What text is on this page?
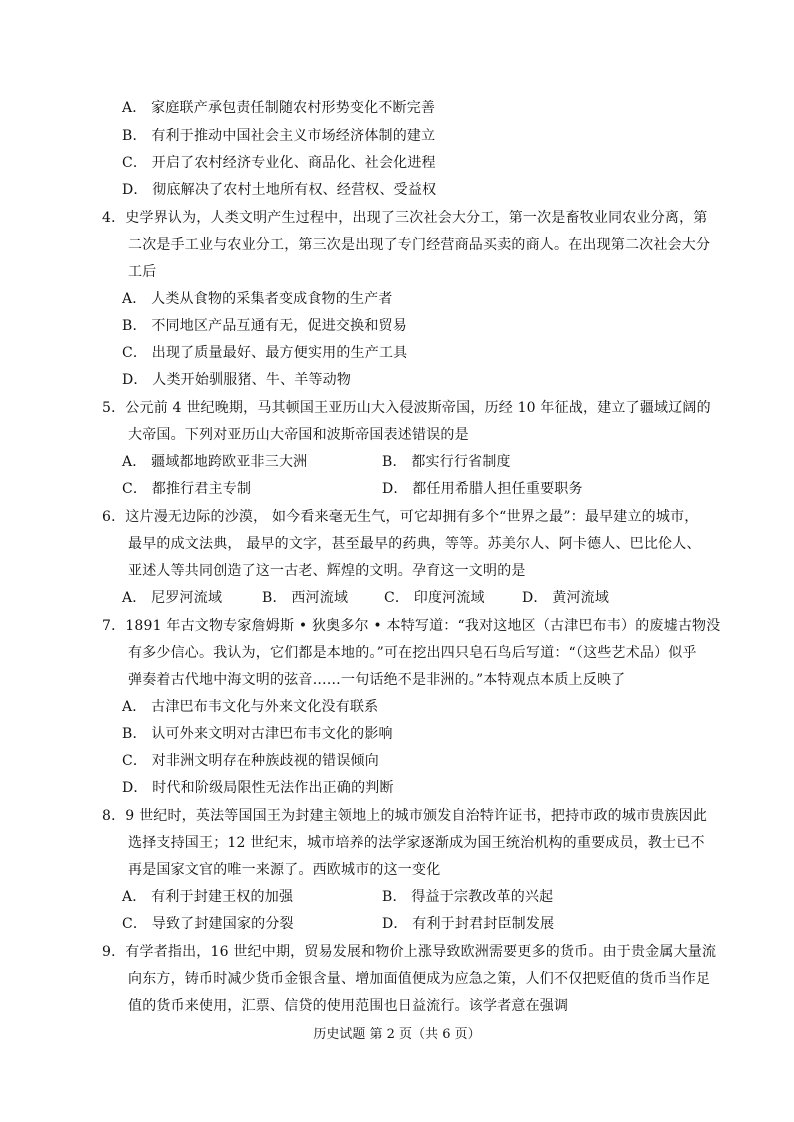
A． 家庭联产承包责任制随农村形势变化不断完善
B． 有利于推动中国社会主义市场经济体制的建立
C． 开启了农村经济专业化、商品化、社会化进程
D． 彻底解决了农村土地所有权、经营权、受益权
4．史学界认为，人类文明产生过程中，出现了三次社会大分工，第一次是畜牧业同农业分离，第
二次是手工业与农业分工，第三次是出现了专门经营商品买卖的商人。在出现第二次社会大分
工后
A． 人类从食物的采集者变成食物的生产者
B． 不同地区产品互通有无，促进交换和贸易
C． 出现了质量最好、最方便实用的生产工具
D． 人类开始驯服猪、牛、羊等动物
5．公元前 4 世纪晚期，马其顿国王亚历山大入侵波斯帝国，历经 10 年征战，建立了疆域辽阔的
大帝国。下列对亚历山大帝国和波斯帝国表述错误的是
A． 疆域都地跨欧亚非三大洲	B． 都实行行省制度
C． 都推行君主专制	D． 都任用希腊人担任重要职务
6．这片漫无边际的沙漠， 如今看来毫无生气，可它却拥有多个“世界之最”：最早建立的城市，
最早的成文法典， 最早的文字，甚至最早的药典，等等。苏美尔人、阿卡德人、巴比伦人、
亚述人等共同创造了这一古老、辉煌的文明。孕育这一文明的是
A． 尼罗河流域	B． 西河流域	C． 印度河流域	D． 黄河流域
7．1891 年古文物专家詹姆斯 • 狄奥多尔 • 本特写道：“我对这地区（古津巴布韦）的废墟古物没
有多少信心。我认为，它们都是本地的。”可在挖出四只皂石鸟后写道：“（这些艺术品）似乎
弹奏着古代地中海文明的弦音……一句话绝不是非洲的。”本特观点本质上反映了
A． 古津巴布韦文化与外来文化没有联系
B． 认可外来文明对古津巴布韦文化的影响
C． 对非洲文明存在种族歧视的错误倾向
D． 时代和阶级局限性无法作出正确的判断
8．9 世纪时，英法等国国王为封建主领地上的城市颁发自治特许证书，把持市政的城市贵族因此
选择支持国王；12 世纪末，城市培养的法学家逐渐成为国王统治机构的重要成员，教士已不
再是国家文官的唯一来源了。西欧城市的这一变化
A． 有利于封建王权的加强	B． 得益于宗教改革的兴起
C． 导致了封建国家的分裂	D． 有利于封君封臣制发展
9．有学者指出，16 世纪中期，贸易发展和物价上涨导致欧洲需要更多的货币。由于贵金属大量流
向东方，铸币时减少货币金银含量、增加面值便成为应急之策，人们不仅把贬值的货币当作足
值的货币来使用，汇票、信贷的使用范围也日益流行。该学者意在强调
历史试题 第 2 页（共 6 页）
